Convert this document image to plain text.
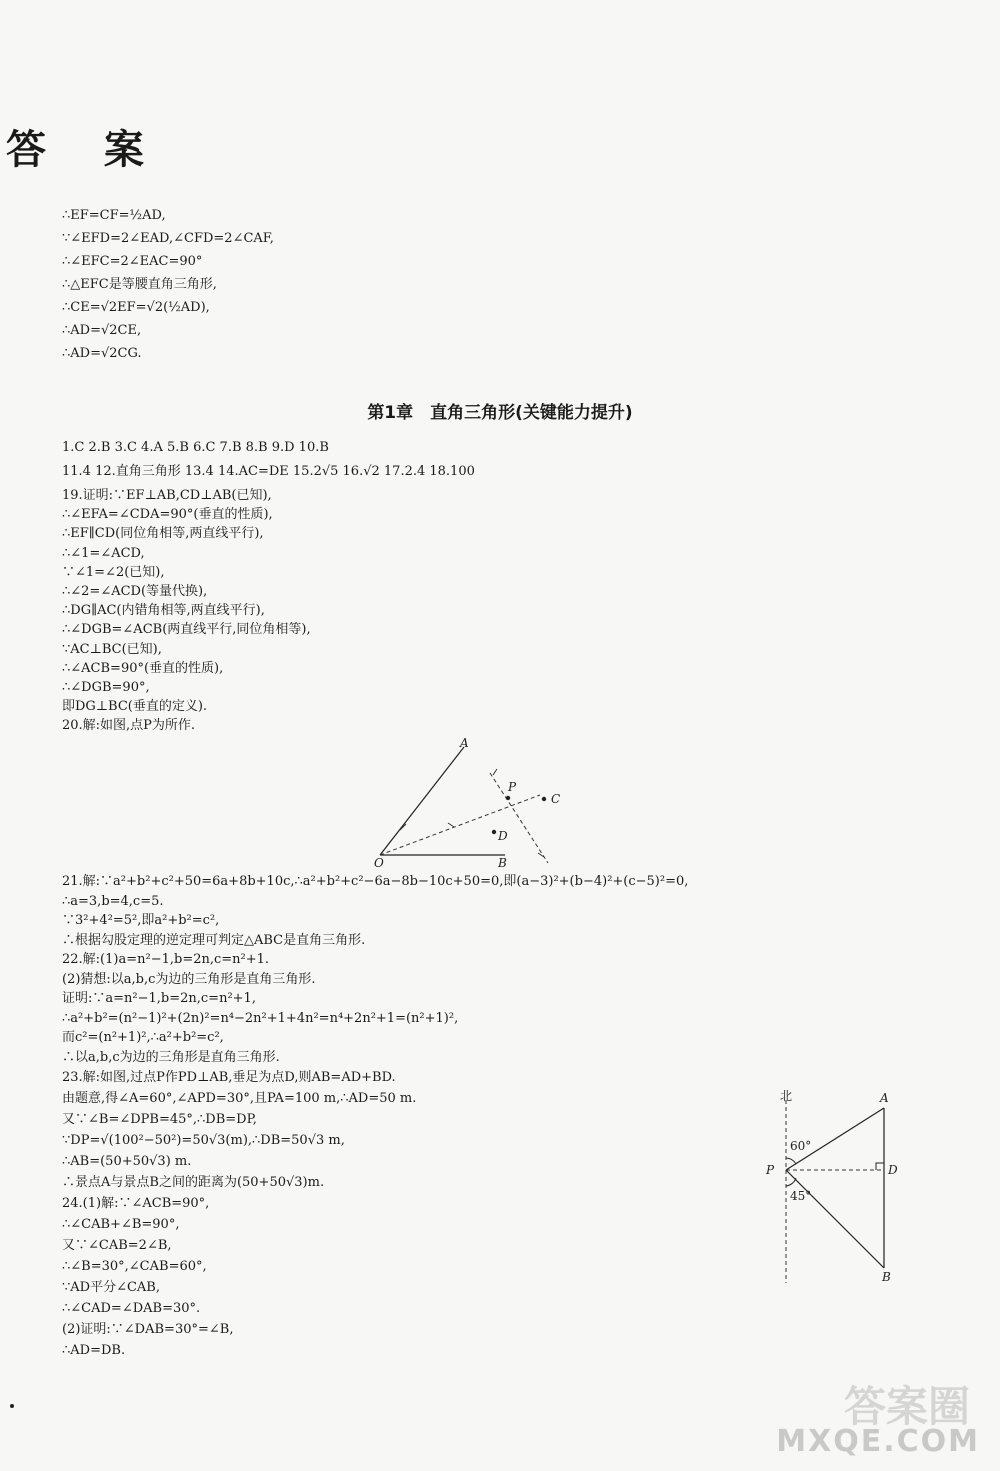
答 案
∴EF=CF=½AD,
∵∠EFD=2∠EAD,∠CFD=2∠CAF,
∴∠EFC=2∠EAC=90°
∴△EFC是等腰直角三角形,
∴CE=√2EF=√2(½AD),
∴AD=√2CE,
∴AD=√2CG.
第1章　直角三角形(关键能力提升)
1.C 2.B 3.C 4.A 5.B 6.C 7.B 8.B 9.D 10.B
11.4 12.直角三角形 13.4 14.AC=DE 15.2√5 16.√2 17.2.4 18.100
19.证明:∵EF⊥AB,CD⊥AB(已知),
∴∠EFA=∠CDA=90°(垂直的性质),
∴EF∥CD(同位角相等,两直线平行),
∴∠1=∠ACD,
∵∠1=∠2(已知),
∴∠2=∠ACD(等量代换),
∴DG∥AC(内错角相等,两直线平行),
∴∠DGB=∠ACB(两直线平行,同位角相等),
∵AC⊥BC(已知),
∴∠ACB=90°(垂直的性质),
∴∠DGB=90°,
即DG⊥BC(垂直的定义).
20.解:如图,点P为所作.
A
O	B
P
C
D
21.解:∵a²+b²+c²+50=6a+8b+10c,∴a²+b²+c²−6a−8b−10c+50=0,即(a−3)²+(b−4)²+(c−5)²=0,
∴a=3,b=4,c=5.
∵3²+4²=5²,即a²+b²=c²,
∴根据勾股定理的逆定理可判定△ABC是直角三角形.
22.解:(1)a=n²−1,b=2n,c=n²+1.
(2)猜想:以a,b,c为边的三角形是直角三角形.
证明:∵a=n²−1,b=2n,c=n²+1,
∴a²+b²=(n²−1)²+(2n)²=n⁴−2n²+1+4n²=n⁴+2n²+1=(n²+1)²,
而c²=(n²+1)²,∴a²+b²=c²,
∴以a,b,c为边的三角形是直角三角形.
23.解:如图,过点P作PD⊥AB,垂足为点D,则AB=AD+BD.
由题意,得∠A=60°,∠APD=30°,且PA=100 m,∴AD=50 m.
又∵∠B=∠DPB=45°,∴DB=DP,
∵DP=√(100²−50²)=50√3(m),∴DB=50√3 m,
∴AB=(50+50√3) m.
∴景点A与景点B之间的距离为(50+50√3)m.
24.(1)解:∵∠ACB=90°,
∴∠CAB+∠B=90°,
又∵∠CAB=2∠B,
∴∠B=30°,∠CAB=60°,
∵AD平分∠CAB,
∴∠CAD=∠DAB=30°.
(2)证明:∵∠DAB=30°=∠B,
∴AD=DB.
北	A
B
P	D
60°
45°
答案圈
MXQE.COM
